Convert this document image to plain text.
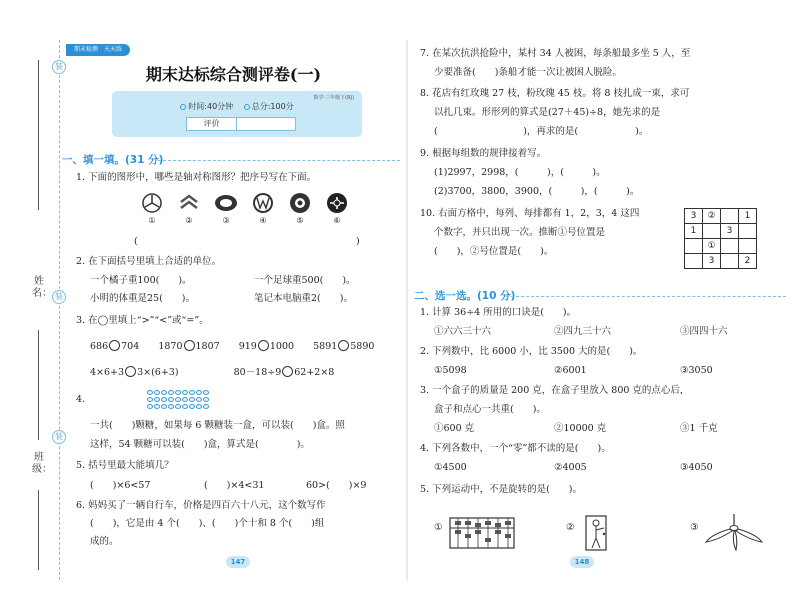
姓名：
班级：
装
装
装
期末检测　天天练
期末达标综合测评卷(一)
数学·三年级下(RJ)
时间:40分钟 总分:100分
评价
一、填一填。(31 分)
1. 下面的图形中，哪些是轴对称图形？把序号写在下面。
①	②	③	④	⑤	⑥
(	)
2. 在下面括号里填上合适的单位。
一个橘子重100(　　)。	一个足球重500(　　)。
小明的体重是25(　　)。	笔记本电脑重2(　　)。
3. 在◯里填上“>”“<”或“=”。
686 704 1870 1807 919 1000 5891 5890
4×6+3 3×(6+3)	80－18÷9 62+2×8
4.
一共(　　)颗糖，如果每 6 颗糖装一盒，可以装(　　)盒。照
这样，54 颗糖可以装(　　)盒，算式是(　　　　)。
5. 括号里最大能填几？
(　　)×6<57	(　　)×4<31	60>(　　)×9
6. 妈妈买了一辆自行车，价格是四百六十八元，这个数写作
(　　)，它是由 4 个(　　)、(　　)个十和 8 个(　　)组
成的。
147
7. 在某次抗洪抢险中，某村 34 人被困，每条船最多坐 5 人，至
少要准备(　　)条船才能一次让被困人脱险。
8. 花店有红玫瑰 27 枝，粉玫瑰 45 枝。将 8 枝扎成一束，求可
以扎几束。形形列的算式是(27＋45)÷8，她先求的是
(　　　　　　　　　)，再求的是(　　　　　　)。
9. 根据每组数的规律接着写。
(1)2997，2998，(　　　)，(　　　)。
(2)3700，3800，3900，(　　　)，(　　　)。
10. 右面方格中，每列、每排都有 1，2，3，4 这四
个数字，并只出现一次。推断①号位置是
(　　)，②号位置是(　　)。
3	②		1
1		3	
	①		
	3		2
二、选一选。(10 分)
1. 计算 36÷4 所用的口诀是(　　)。
①六六三十六	②四九三十六	③四四十六
2. 下列数中，比 6000 小，比 3500 大的是(　　)。
①5098	②6001	③3050
3. 一个盒子的质量是 200 克，在盒子里放入 800 克的点心后，
盒子和点心一共重(　　)。
①600 克	②10000 克	③1 千克
4. 下列各数中，一个“零”都不读的是(　　)。
①4500	②4005	③4050
5. 下列运动中，不是旋转的是(　　)。
①	②	③
148
